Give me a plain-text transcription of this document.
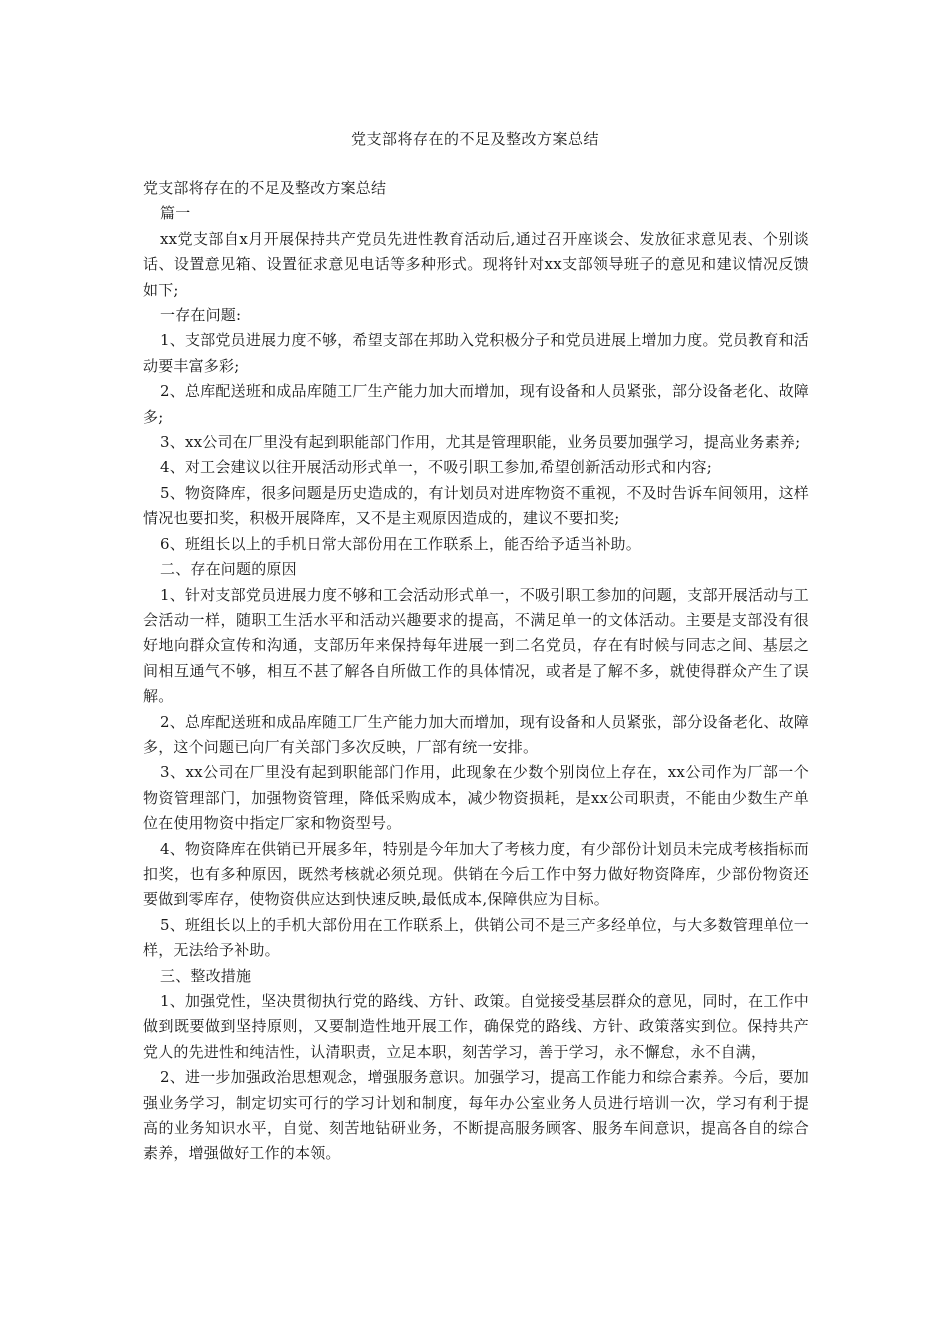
党支部将存在的不足及整改方案总结

党支部将存在的不足及整改方案总结

篇一

xx党支部自x月开展保持共产党员先进性教育活动后,通过召开座谈会、发放征求意见表、个别谈话、设置意见箱、设置征求意见电话等多种形式。现将针对xx支部领导班子的意见和建议情况反馈如下;

一存在问题:

1、支部党员进展力度不够，希望支部在邦助入党积极分子和党员进展上增加力度。党员教育和活动要丰富多彩;

2、总库配送班和成品库随工厂生产能力加大而增加，现有设备和人员紧张，部分设备老化、故障多;

3、xx公司在厂里没有起到职能部门作用，尤其是管理职能，业务员要加强学习，提高业务素养;

4、对工会建议以往开展活动形式单一，不吸引职工参加,希望创新活动形式和内容;

5、物资降库，很多问题是历史造成的，有计划员对进库物资不重视，不及时告诉车间领用，这样情况也要扣奖，积极开展降库，又不是主观原因造成的，建议不要扣奖;

6、班组长以上的手机日常大部份用在工作联系上，能否给予适当补助。

二、存在问题的原因

1、针对支部党员进展力度不够和工会活动形式单一，不吸引职工参加的问题，支部开展活动与工会活动一样，随职工生活水平和活动兴趣要求的提高，不满足单一的文体活动。主要是支部没有很好地向群众宣传和沟通，支部历年来保持每年进展一到二名党员，存在有时候与同志之间、基层之间相互通气不够，相互不甚了解各自所做工作的具体情况，或者是了解不多，就使得群众产生了误解。

2、总库配送班和成品库随工厂生产能力加大而增加，现有设备和人员紧张，部分设备老化、故障多，这个问题已向厂有关部门多次反映，厂部有统一安排。

3、xx公司在厂里没有起到职能部门作用，此现象在少数个别岗位上存在，xx公司作为厂部一个物资管理部门，加强物资管理，降低采购成本，减少物资损耗，是xx公司职责，不能由少数生产单位在使用物资中指定厂家和物资型号。

4、物资降库在供销已开展多年，特别是今年加大了考核力度，有少部份计划员未完成考核指标而扣奖，也有多种原因，既然考核就必须兑现。供销在今后工作中努力做好物资降库，少部份物资还要做到零库存，使物资供应达到快速反映,最低成本,保障供应为目标。

5、班组长以上的手机大部份用在工作联系上，供销公司不是三产多经单位，与大多数管理单位一样，无法给予补助。

三、整改措施

1、加强党性，坚决贯彻执行党的路线、方针、政策。自觉接受基层群众的意见，同时，在工作中做到既要做到坚持原则，又要制造性地开展工作，确保党的路线、方针、政策落实到位。保持共产党人的先进性和纯洁性，认清职责，立足本职，刻苦学习，善于学习，永不懈怠，永不自满，

2、进一步加强政治思想观念，增强服务意识。加强学习，提高工作能力和综合素养。今后，要加强业务学习，制定切实可行的学习计划和制度，每年办公室业务人员进行培训一次，学习有利于提高的业务知识水平，自觉、刻苦地钻研业务，不断提高服务顾客、服务车间意识，提高各自的综合素养，增强做好工作的本领。
